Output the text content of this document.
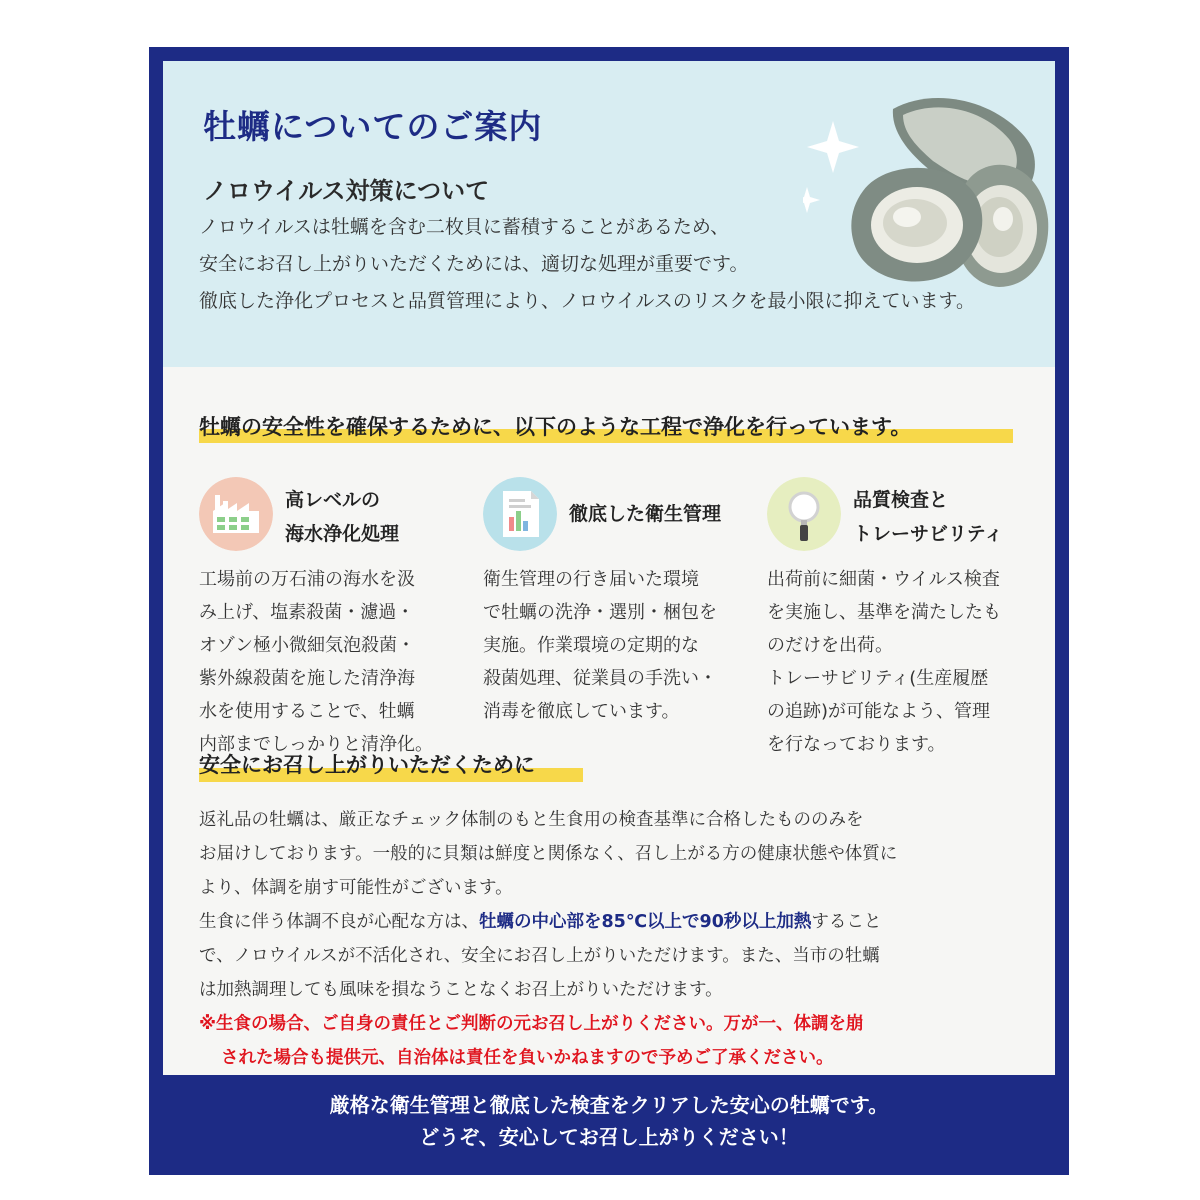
牡蠣についてのご案内
ノロウイルス対策について
ノロウイルスは牡蠣を含む二枚貝に蓄積することがあるため、
安全にお召し上がりいただくためには、適切な処理が重要です。
徹底した浄化プロセスと品質管理により、ノロウイルスのリスクを最小限に抑えています。
牡蠣の安全性を確保するために、以下のような工程で浄化を行っています。
高レベルの
海水浄化処理
工場前の万石浦の海水を汲
み上げ、塩素殺菌・濾過・
オゾン極小微細気泡殺菌・
紫外線殺菌を施した清浄海
水を使用することで、牡蠣
内部までしっかりと清浄化。
徹底した衛生管理
衛生管理の行き届いた環境
で牡蠣の洗浄・選別・梱包を
実施。作業環境の定期的な
殺菌処理、従業員の手洗い・
消毒を徹底しています。
品質検査と
トレーサビリティ
出荷前に細菌・ウイルス検査
を実施し、基準を満たしたも
のだけを出荷。
トレーサビリティ(生産履歴
の追跡)が可能なよう、管理
を行なっております。
安全にお召し上がりいただくために
返礼品の牡蠣は、厳正なチェック体制のもと生食用の検査基準に合格したもののみを
お届けしております。一般的に貝類は鮮度と関係なく、召し上がる方の健康状態や体質に
より、体調を崩す可能性がございます。
生食に伴う体調不良が心配な方は、牡蠣の中心部を85℃以上で90秒以上加熱すること
で、ノロウイルスが不活化され、安全にお召し上がりいただけます。また、当市の牡蠣
は加熱調理しても風味を損なうことなくお召上がりいただけます。
※生食の場合、ご自身の責任とご判断の元お召し上がりください。万が一、体調を崩
された場合も提供元、自治体は責任を負いかねますので予めご了承ください。
厳格な衛生管理と徹底した検査をクリアした安心の牡蠣です。
どうぞ、安心してお召し上がりください！
